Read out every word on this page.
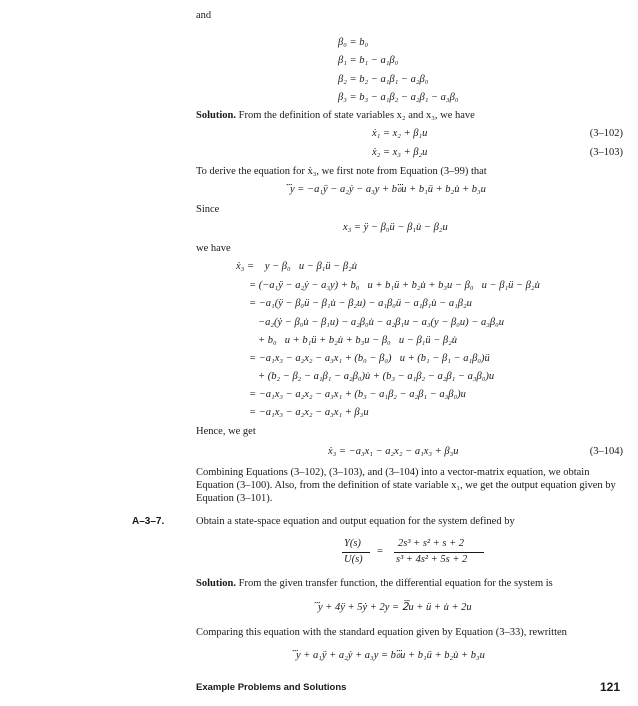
and
β₀ = b₀
β₁ = b₁ − a₁β₀
β₂ = b₂ − a₁β₁ − a₂β₀
β₃ = b₃ − a₁β₂ − a₂β₁ − a₃β₀
Solution. From the definition of state variables x₂ and x₃, we have
ẋ₁ = x₂ + β₁u	(3–102)
ẋ₂ = x₃ + β₂u	(3–103)
To derive the equation for ẋ₃, we first note from Equation (3–99) that
⃛y = −a₁ÿ − a₂ẏ − a₃y + b₀⃛u + b₁ü + b₂u̇ + b₃u
Since
x₃ = ÿ − β₀ü − β₁u̇ − β₂u
we have
ẋ₃ = ⃛y − β₀⃛u − β₁ü − β₂u̇
= (−a₁ÿ − a₂ẏ − a₃y) + b₀⃛u + b₁ü + b₂u̇ + b₃u − β₀⃛u − β₁ü − β₂u̇
= −a₁(ÿ − β₀ü − β₁u̇ − β₂u) − a₁β₀ü − a₁β₁u̇ − a₁β₂u
−a₂(ẏ − β₀u̇ − β₁u) − a₂β₀u̇ − a₂β₁u − a₃(y − β₀u) − a₃β₀u
+ b₀⃛u + b₁ü + b₂u̇ + b₃u − β₀⃛u − β₁ü − β₂u̇
= −a₁x₃ − a₂x₂ − a₃x₁ + (b₀ − β₀)⃛u + (b₁ − β₁ − a₁β₀)ü
+ (b₂ − β₂ − a₁β₁ − a₂β₀)u̇ + (b₃ − a₁β₂ − a₂β₁ − a₃β₀)u
= −a₁x₃ − a₂x₂ − a₃x₁ + (b₃ − a₁β₂ − a₂β₁ − a₃β₀)u
= −a₁x₃ − a₂x₂ − a₃x₁ + β₃u
Hence, we get
ẋ₃ = −a₃x₁ − a₂x₂ − a₁x₃ + β₃u	(3–104)
Combining Equations (3–102), (3–103), and (3–104) into a vector-matrix equation, we obtain Equation (3–100). Also, from the definition of state variable x₁, we get the output equation given by Equation (3–101).
A–3–7.	Obtain a state-space equation and output equation for the system defined by
Y(s)
U(s)
=
2s³ + s² + s + 2
s³ + 4s² + 5s + 2
Solution. From the given transfer function, the differential equation for the system is
⃛y + 4ÿ + 5ẏ + 2y = 2⃛u + ü + u̇ + 2u
Comparing this equation with the standard equation given by Equation (3–33), rewritten
⃛y + a₁ÿ + a₂ẏ + a₃y = b₀⃛u + b₁ü + b₂u̇ + b₃u
Example Problems and Solutions	121
